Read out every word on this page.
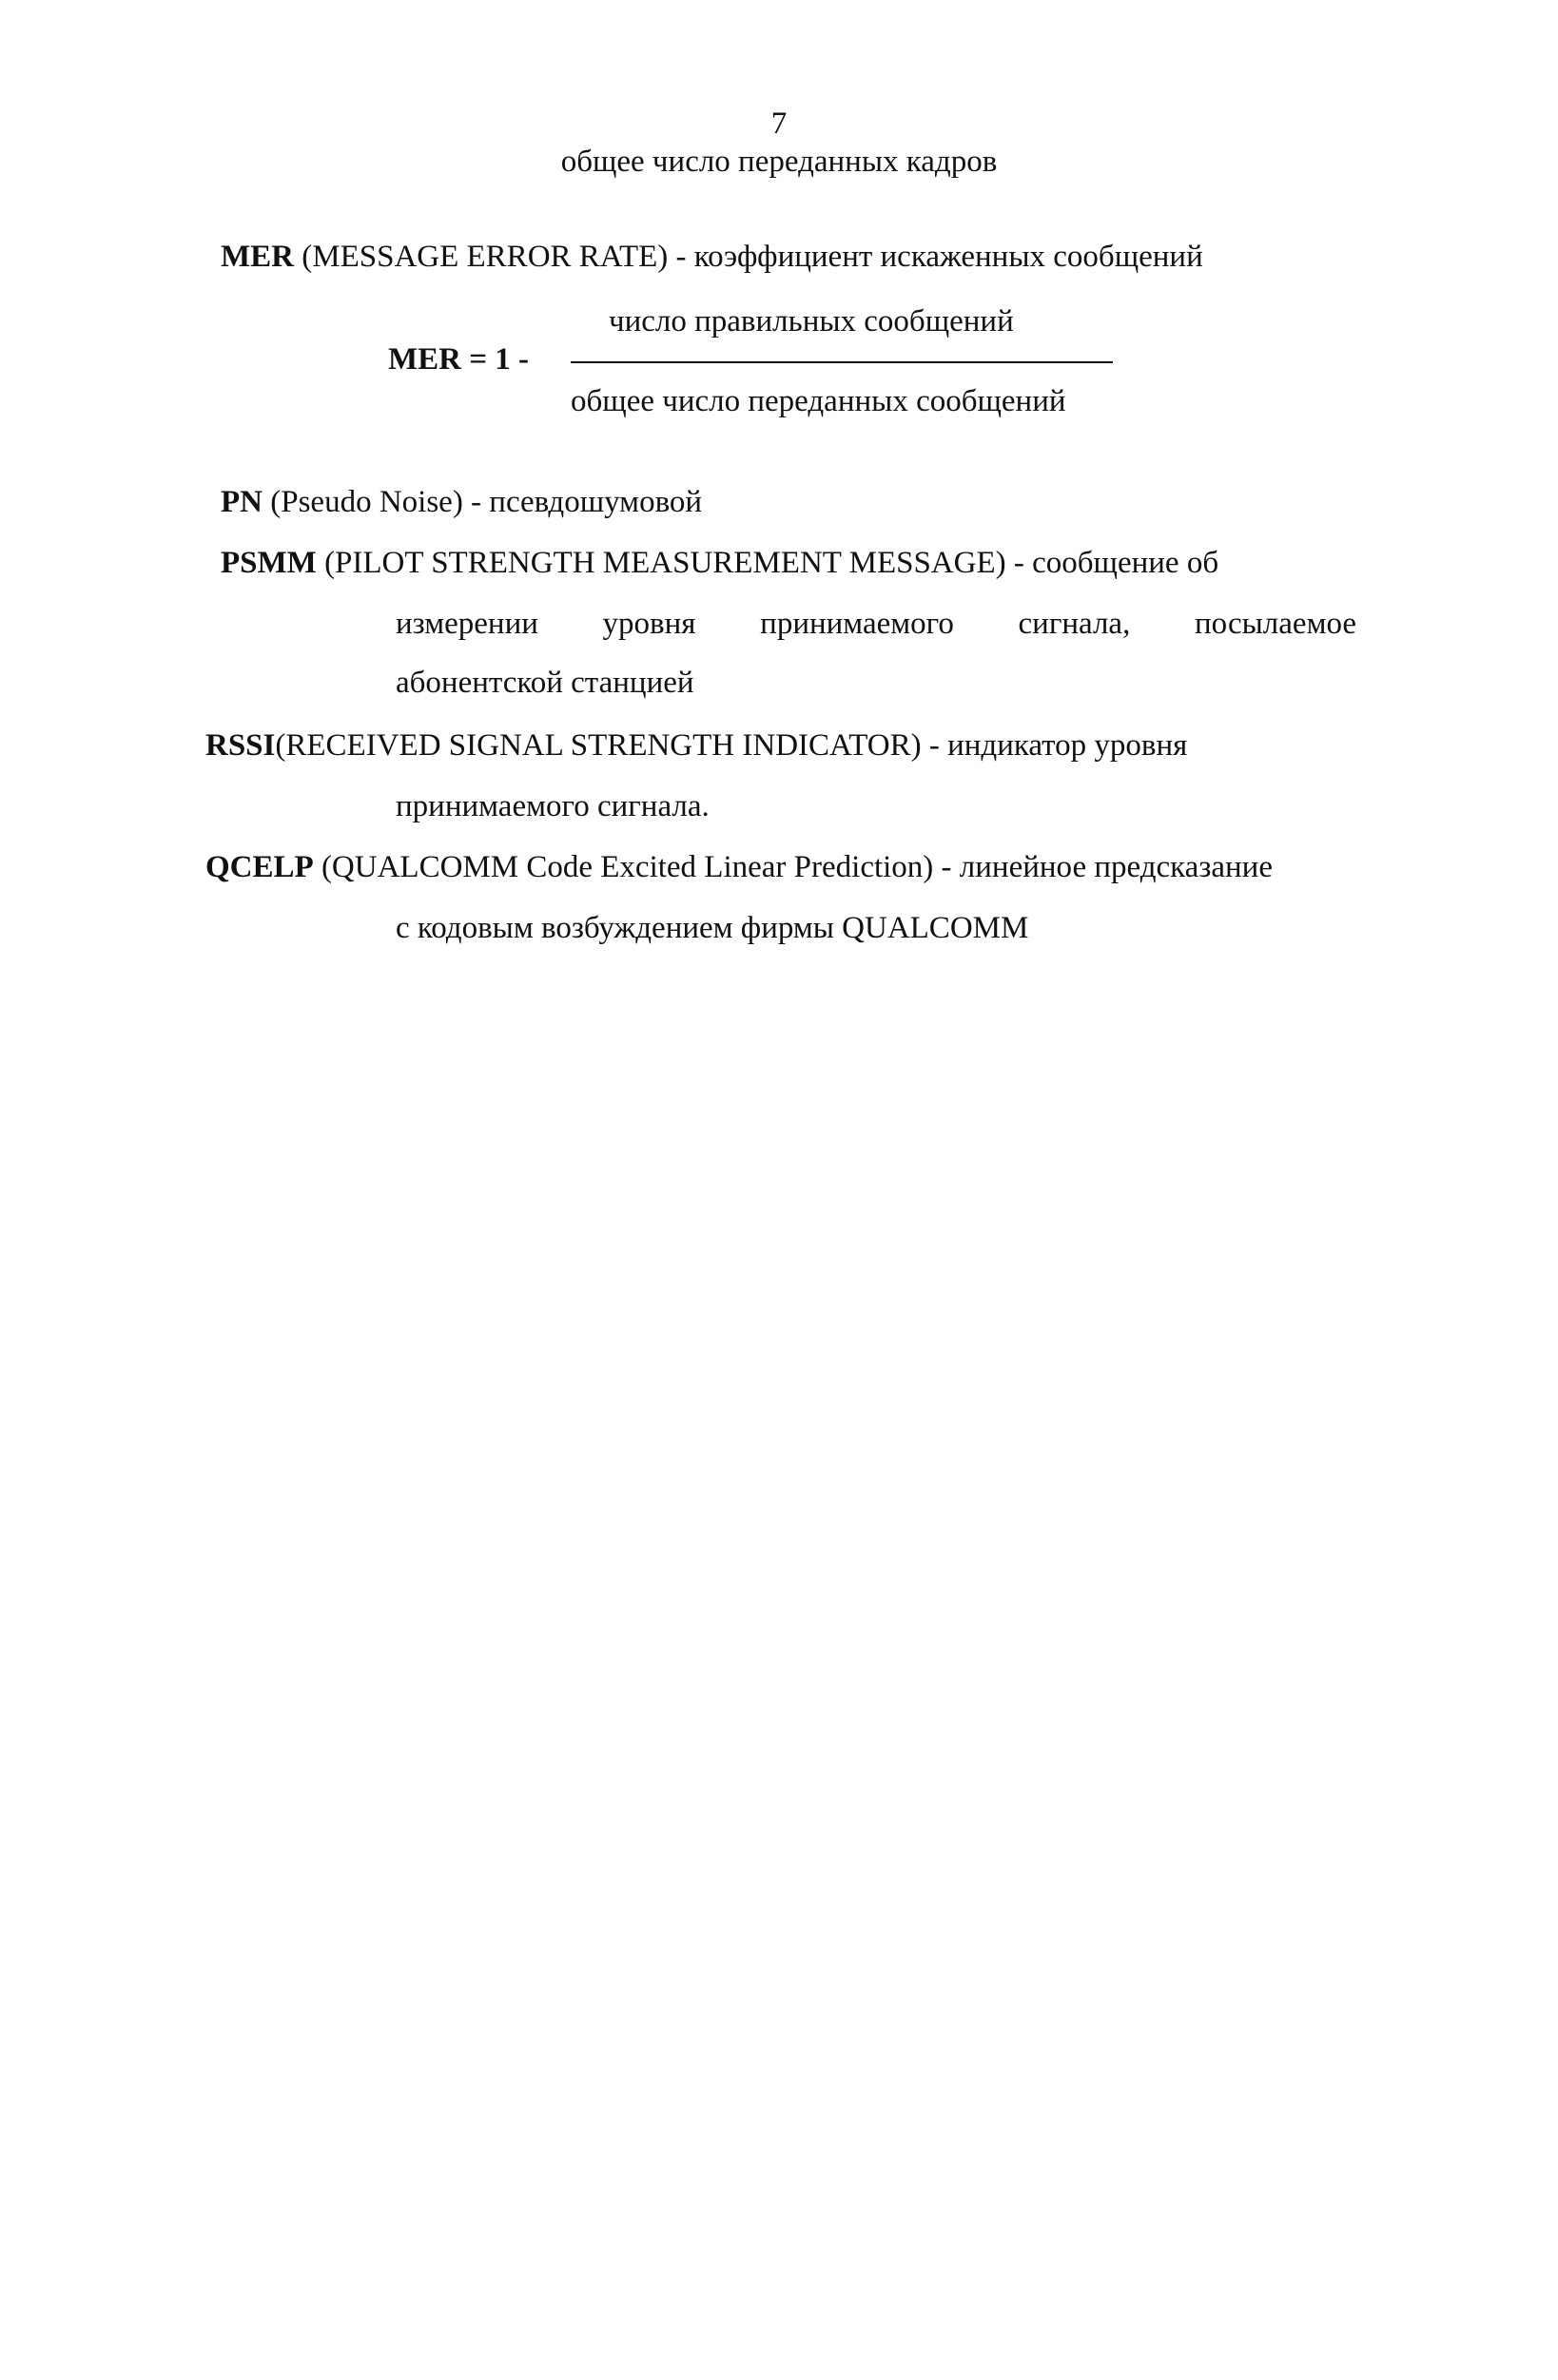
7
общее число переданных кадров
MER (MESSAGE ERROR RATE) - коэффициент искаженных сообщений
число правильных сообщений
MER = 1 -
общее число переданных сообщений
PN (Pseudo Noise) - псевдошумовой
PSMM (PILOT STRENGTH MEASUREMENT MESSAGE) - сообщение об
измерении уровня принимаемого сигнала, посылаемое
абонентской станцией
RSSI(RECEIVED SIGNAL STRENGTH INDICATOR) - индикатор уровня
принимаемого сигнала.
QCELP (QUALCOMM Code Excited Linear Prediction) - линейное предсказание
с кодовым возбуждением фирмы QUALCOMM
